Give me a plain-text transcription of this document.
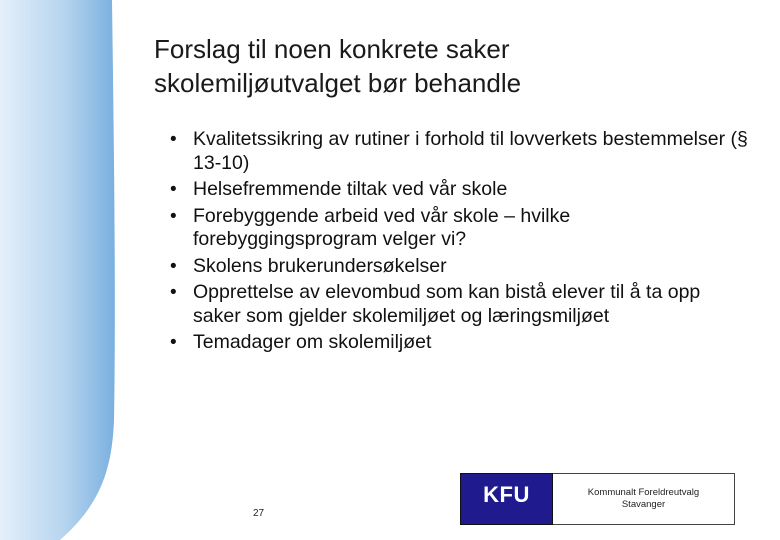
Forslag til noen konkrete saker
skolemiljøutvalget bør behandle
• Kvalitetssikring av rutiner i forhold til lovverkets bestemmelser (§ 13-10)
• Helsefremmende tiltak ved vår skole
• Forebyggende arbeid ved vår skole – hvilke forebyggingsprogram velger vi?
• Skolens brukerundersøkelser
• Opprettelse av elevombud som kan bistå elever til å ta opp saker som gjelder skolemiljøet og læringsmiljøet
• Temadager om skolemiljøet
27
KFU	Kommunalt Foreldreutvalg
Stavanger
